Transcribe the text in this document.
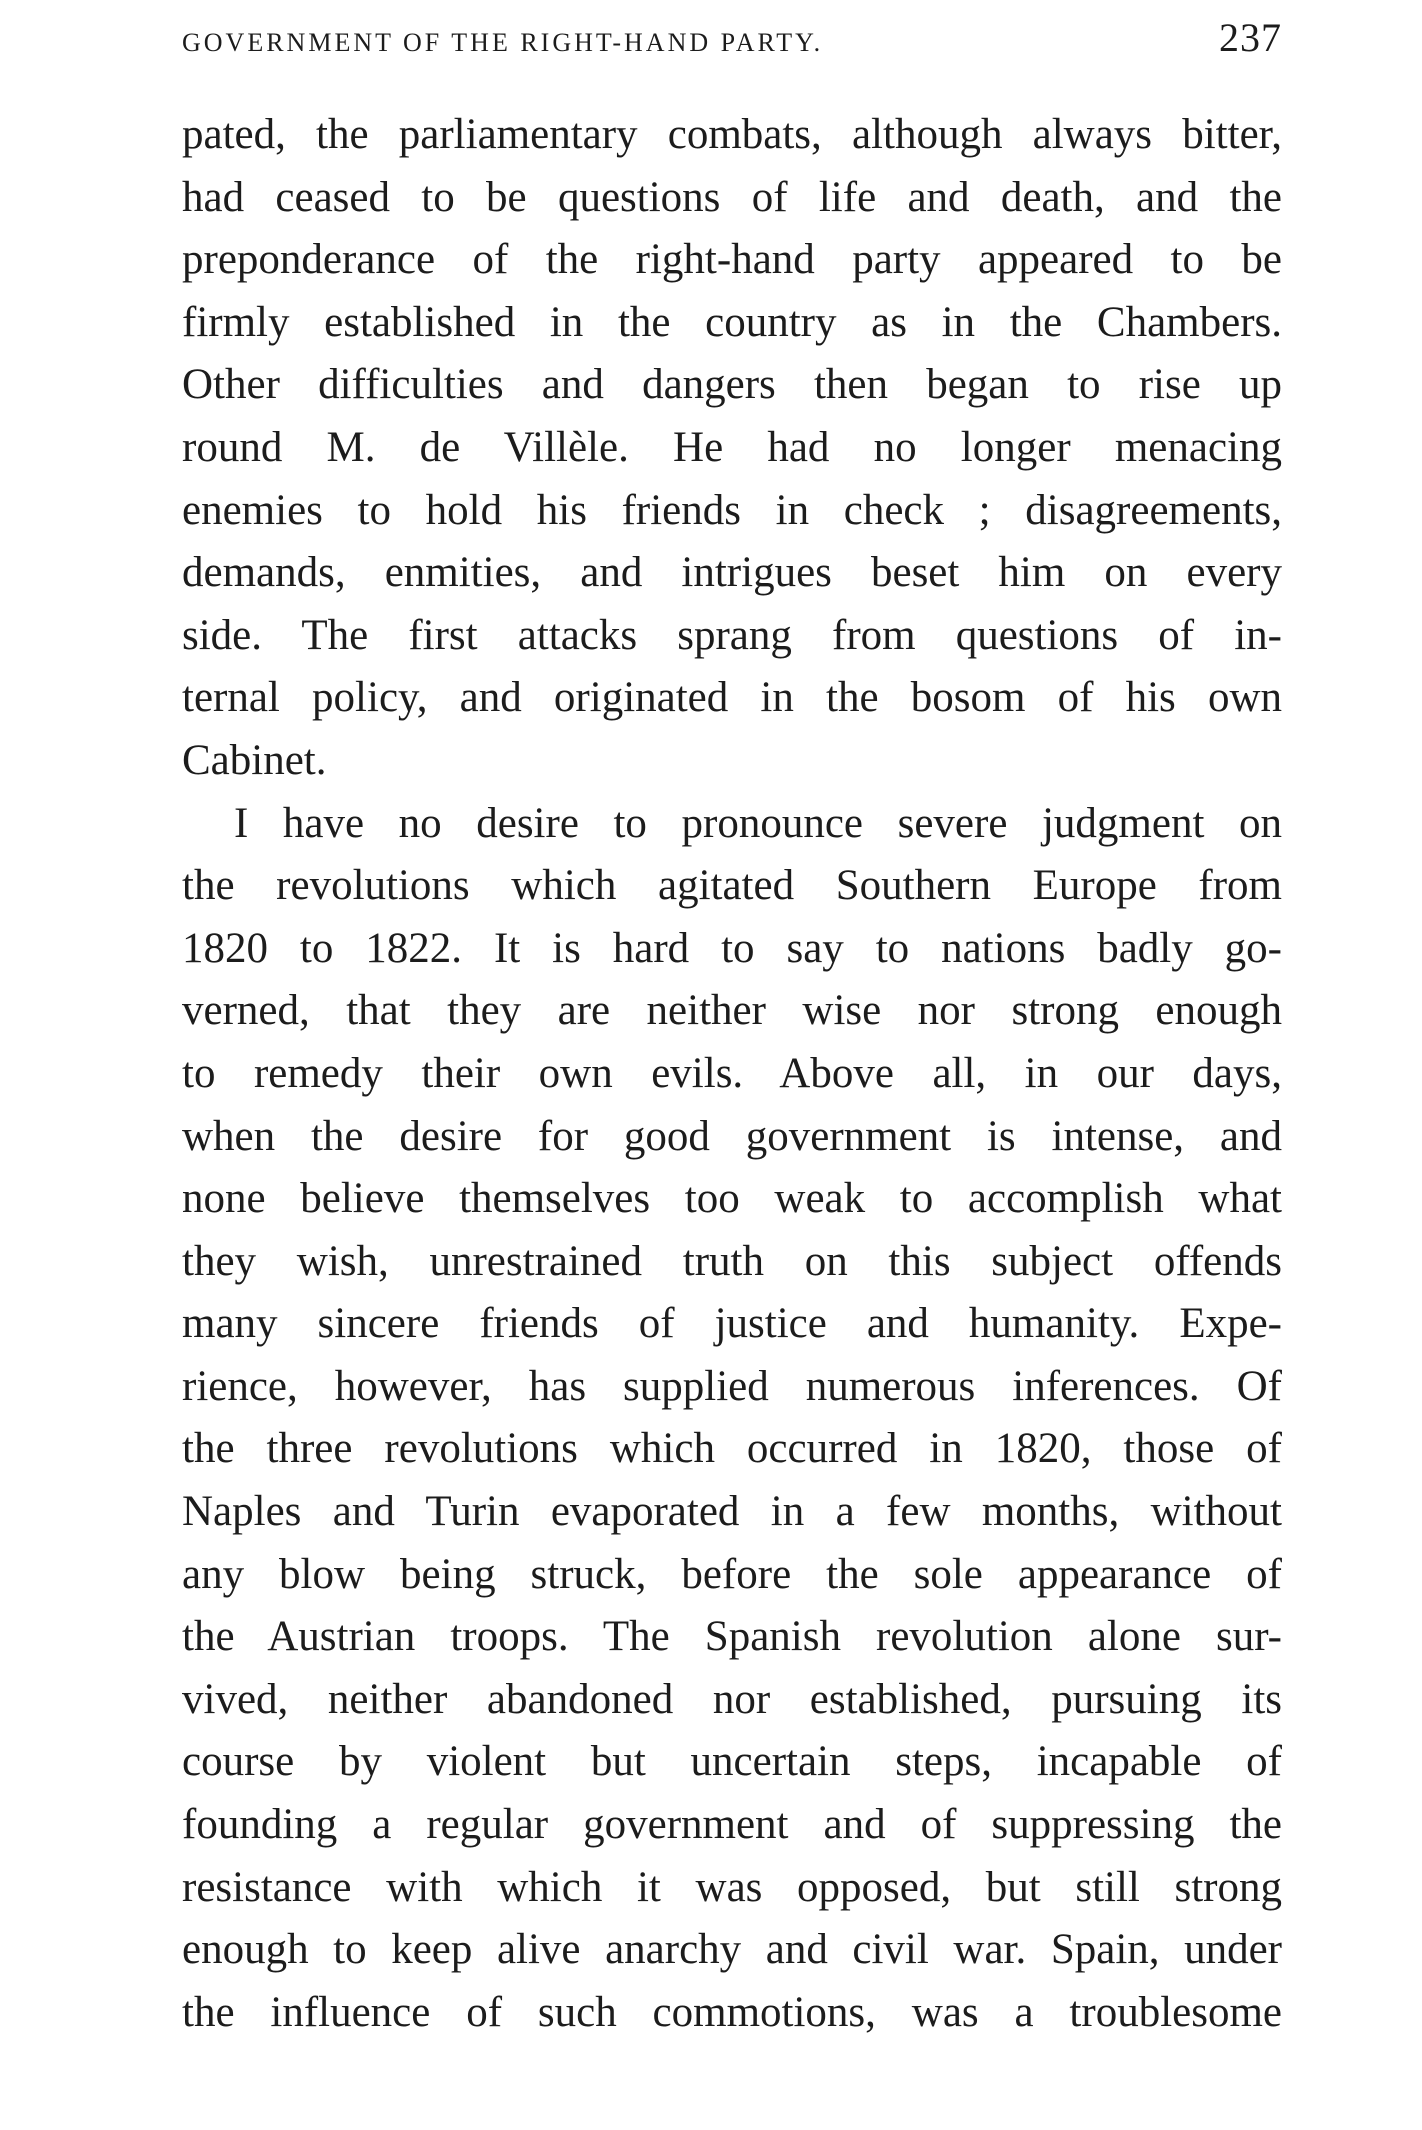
GOVERNMENT OF THE RIGHT-HAND PARTY.	237
pated, the parliamentary combats, although always bitter,
had ceased to be questions of life and death, and the
preponderance of the right-hand party appeared to be
firmly established in the country as in the Chambers.
Other difficulties and dangers then began to rise up
round M. de Villèle. He had no longer menacing
enemies to hold his friends in check ; disagreements,
demands, enmities, and intrigues beset him on every
side. The first attacks sprang from questions of in-
ternal policy, and originated in the bosom of his own
Cabinet.
I have no desire to pronounce severe judgment on
the revolutions which agitated Southern Europe from
1820 to 1822. It is hard to say to nations badly go-
verned, that they are neither wise nor strong enough
to remedy their own evils. Above all, in our days,
when the desire for good government is intense, and
none believe themselves too weak to accomplish what
they wish, unrestrained truth on this subject offends
many sincere friends of justice and humanity. Expe-
rience, however, has supplied numerous inferences. Of
the three revolutions which occurred in 1820, those of
Naples and Turin evaporated in a few months, without
any blow being struck, before the sole appearance of
the Austrian troops. The Spanish revolution alone sur-
vived, neither abandoned nor established, pursuing its
course by violent but uncertain steps, incapable of
founding a regular government and of suppressing the
resistance with which it was opposed, but still strong
enough to keep alive anarchy and civil war. Spain, under
the influence of such commotions, was a troublesome
